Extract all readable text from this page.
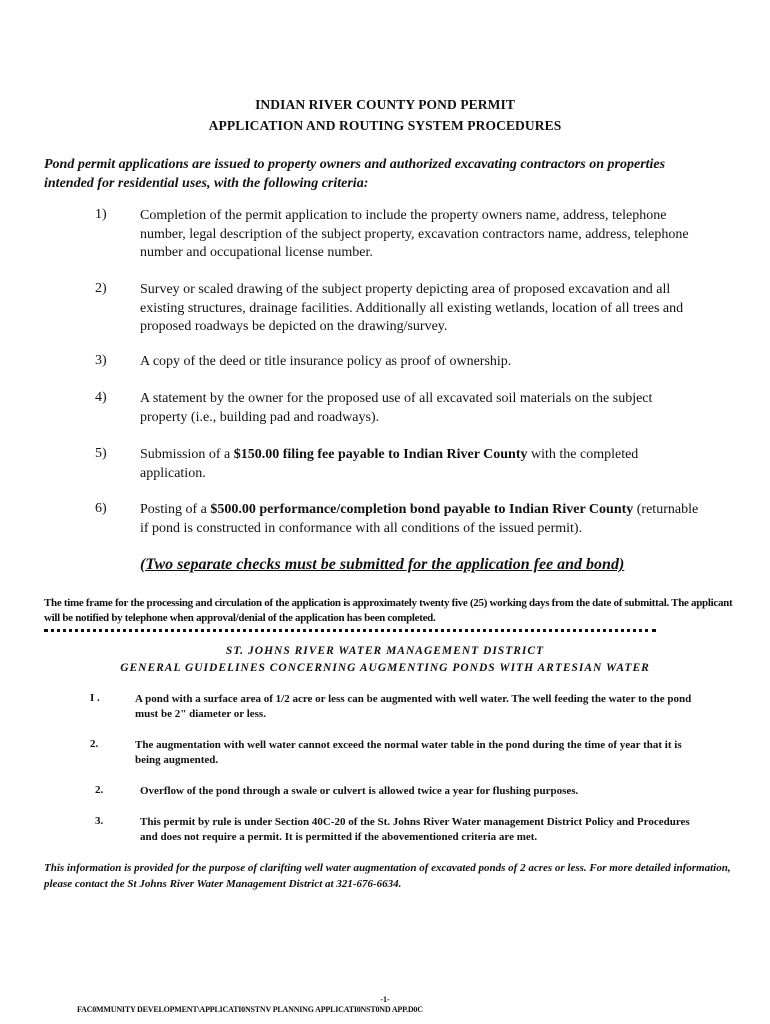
INDIAN RIVER COUNTY POND PERMIT
APPLICATION AND ROUTING SYSTEM PROCEDURES
Pond permit applications are issued to property owners and authorized excavating contractors on properties intended for residential uses, with the following criteria:
1) Completion of the permit application to include the property owners name, address, telephone number, legal description of the subject property, excavation contractors name, address, telephone number and occupational license number.
2) Survey or scaled drawing of the subject property depicting area of proposed excavation and all existing structures, drainage facilities. Additionally all existing wetlands, location of all trees and proposed roadways be depicted on the drawing/survey.
3) A copy of the deed or title insurance policy as proof of ownership.
4) A statement by the owner for the proposed use of all excavated soil materials on the subject property (i.e., building pad and roadways).
5) Submission of a $150.00 filing fee payable to Indian River County with the completed application.
6) Posting of a $500.00 performance/completion bond payable to Indian River County (returnable if pond is constructed in conformance with all conditions of the issued permit).
(Two separate checks must be submitted for the application fee and bond)
The time frame for the processing and circulation of the application is approximately twenty five (25) working days from the date of submittal. The applicant will be notified by telephone when approval/denial of the application has been completed.
ST. JOHNS RIVER WATER MANAGEMENT DISTRICT
GENERAL GUIDELINES CONCERNING AUGMENTING PONDS WITH ARTESIAN WATER
I .	A pond with a surface area of 1/2 acre or less can be augmented with well water. The well feeding the water to the pond must be 2" diameter or less.
2.	The augmentation with well water cannot exceed the normal water table in the pond during the time of year that it is being augmented.
2.	Overflow of the pond through a swale or culvert is allowed twice a year for flushing purposes.
3.	This permit by rule is under Section 40C-20 of the St. Johns River Water management District Policy and Procedures and does not require a permit. It is permitted if the abovementioned criteria are met.
This information is provided for the purpose of clarifting well water augmentation of excavated ponds of 2 acres or less. For more detailed information, please contact the St Johns River Water Management District at 321-676-6634.
-1-
FAC0MMUNITY DEVELOPMENT\APPLICATI0NSTNV PLANNING APPLICATI0NST0ND APP.D0C
